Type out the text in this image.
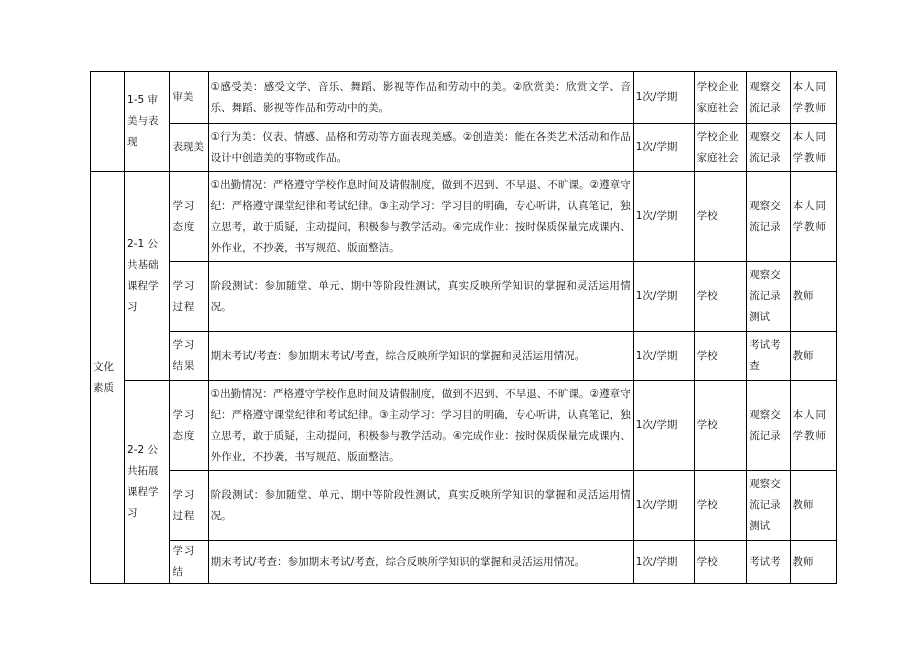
	1-5 审美与表现	审美	①感受美：感受文学、音乐、舞蹈、影视等作品和劳动中的美。②欣赏美：欣赏文学、音乐、舞蹈、影视等作品和劳动中的美。	1次/学期	学校企业家庭社会	观察交流记录	本人同学教师
		表现美	①行为美：仪表、情感、品格和劳动等方面表现美感。②创造美：能在各类艺术活动和作品设计中创造美的事物或作品。	1次/学期	学校企业家庭社会	观察交流记录	本人同学教师
文化素质	2-1 公共基础课程学习	学习态度	①出勤情况：严格遵守学校作息时间及请假制度，做到不迟到、不早退、不旷课。②遵章守纪：严格遵守课堂纪律和考试纪律。③主动学习：学习目的明确，专心听讲，认真笔记，独立思考，敢于质疑，主动提问，积极参与教学活动。④完成作业：按时保质保量完成课内、外作业，不抄袭，书写规范、版面整洁。	1次/学期	学校	观察交流记录	本人同学教师
		学习过程	阶段测试：参加随堂、单元、期中等阶段性测试，真实反映所学知识的掌握和灵活运用情况。	1次/学期	学校	观察交流记录测试	教师
		学习结果	期末考试/考查：参加期末考试/考查，综合反映所学知识的掌握和灵活运用情况。	1次/学期	学校	考试考查	教师
	2-2 公共拓展课程学习	学习态度	①出勤情况：严格遵守学校作息时间及请假制度，做到不迟到、不早退、不旷课。②遵章守纪：严格遵守课堂纪律和考试纪律。③主动学习：学习目的明确，专心听讲，认真笔记，独立思考，敢于质疑，主动提问，积极参与教学活动。④完成作业：按时保质保量完成课内、外作业，不抄袭，书写规范、版面整洁。	1次/学期	学校	观察交流记录	本人同学教师
		学习过程	阶段测试：参加随堂、单元、期中等阶段性测试，真实反映所学知识的掌握和灵活运用情况。	1次/学期	学校	观察交流记录测试	教师
		学习结	期末考试/考查：参加期末考试/考查，综合反映所学知识的掌握和灵活运用情况。	1次/学期	学校	考试考	教师
